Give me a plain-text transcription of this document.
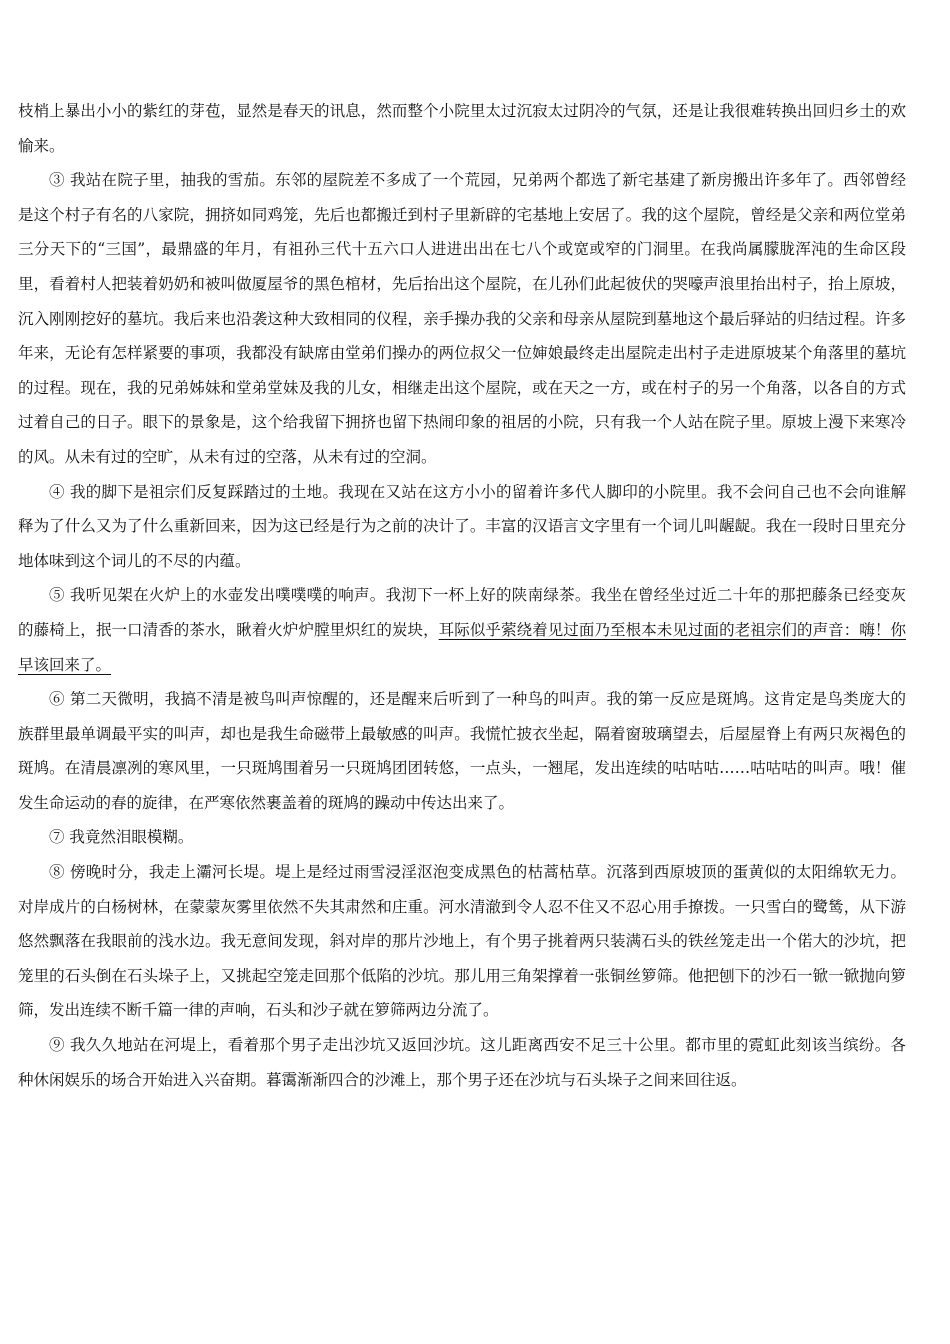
枝梢上暴出小小的紫红的芽苞，显然是春天的讯息，然而整个小院里太过沉寂太过阴冷的气氛，还是让我很难转换出回归乡土的欢愉来。

③ 我站在院子里，抽我的雪茄。东邻的屋院差不多成了一个荒园，兄弟两个都选了新宅基建了新房搬出许多年了。西邻曾经是这个村子有名的八家院，拥挤如同鸡笼，先后也都搬迁到村子里新辟的宅基地上安居了。我的这个屋院，曾经是父亲和两位堂弟三分天下的“三国”，最鼎盛的年月，有祖孙三代十五六口人进进出出在七八个或宽或窄的门洞里。在我尚属朦胧浑沌的生命区段里，看着村人把装着奶奶和被叫做厦屋爷的黑色棺材，先后抬出这个屋院，在儿孙们此起彼伏的哭嚎声浪里抬出村子，抬上原坡，沉入刚刚挖好的墓坑。我后来也沿袭这种大致相同的仪程，亲手操办我的父亲和母亲从屋院到墓地这个最后驿站的归结过程。许多年来，无论有怎样紧要的事项，我都没有缺席由堂弟们操办的两位叔父一位婶娘最终走出屋院走出村子走进原坡某个角落里的墓坑的过程。现在，我的兄弟姊妹和堂弟堂妹及我的儿女，相继走出这个屋院，或在天之一方，或在村子的另一个角落，以各自的方式过着自己的日子。眼下的景象是，这个给我留下拥挤也留下热闹印象的祖居的小院，只有我一个人站在院子里。原坡上漫下来寒冷的风。从未有过的空旷，从未有过的空落，从未有过的空洞。

④ 我的脚下是祖宗们反复踩踏过的土地。我现在又站在这方小小的留着许多代人脚印的小院里。我不会问自己也不会向谁解释为了什么又为了什么重新回来，因为这已经是行为之前的决计了。丰富的汉语言文字里有一个词儿叫龌龊。我在一段时日里充分地体味到这个词儿的不尽的内蕴。

⑤ 我听见架在火炉上的水壶发出噗噗噗的响声。我沏下一杯上好的陕南绿茶。我坐在曾经坐过近二十年的那把藤条已经变灰的藤椅上，抿一口清香的茶水，瞅着火炉炉膛里炽红的炭块，耳际似乎萦绕着见过面乃至根本未见过面的老祖宗们的声音：嗨！你早该回来了。

⑥ 第二天微明，我搞不清是被鸟叫声惊醒的，还是醒来后听到了一种鸟的叫声。我的第一反应是斑鸠。这肯定是鸟类庞大的族群里最单调最平实的叫声，却也是我生命磁带上最敏感的叫声。我慌忙披衣坐起，隔着窗玻璃望去，后屋屋脊上有两只灰褐色的斑鸠。在清晨凛冽的寒风里，一只斑鸠围着另一只斑鸠团团转悠，一点头，一翘尾，发出连续的咕咕咕……咕咕咕的叫声。哦！催发生命运动的春的旋律，在严寒依然裹盖着的斑鸠的躁动中传达出来了。

⑦ 我竟然泪眼模糊。

⑧ 傍晚时分，我走上灞河长堤。堤上是经过雨雪浸淫沤泡变成黑色的枯蒿枯草。沉落到西原坡顶的蛋黄似的太阳绵软无力。对岸成片的白杨树林，在蒙蒙灰雾里依然不失其肃然和庄重。河水清澈到令人忍不住又不忍心用手撩拨。一只雪白的鹭鸶，从下游悠然飘落在我眼前的浅水边。我无意间发现，斜对岸的那片沙地上，有个男子挑着两只装满石头的铁丝笼走出一个偌大的沙坑，把笼里的石头倒在石头垛子上，又挑起空笼走回那个低陷的沙坑。那儿用三角架撑着一张铜丝箩筛。他把刨下的沙石一锨一锨抛向箩筛，发出连续不断千篇一律的声响，石头和沙子就在箩筛两边分流了。

⑨ 我久久地站在河堤上，看着那个男子走出沙坑又返回沙坑。这儿距离西安不足三十公里。都市里的霓虹此刻该当缤纷。各种休闲娱乐的场合开始进入兴奋期。暮霭渐渐四合的沙滩上，那个男子还在沙坑与石头垛子之间来回往返。
